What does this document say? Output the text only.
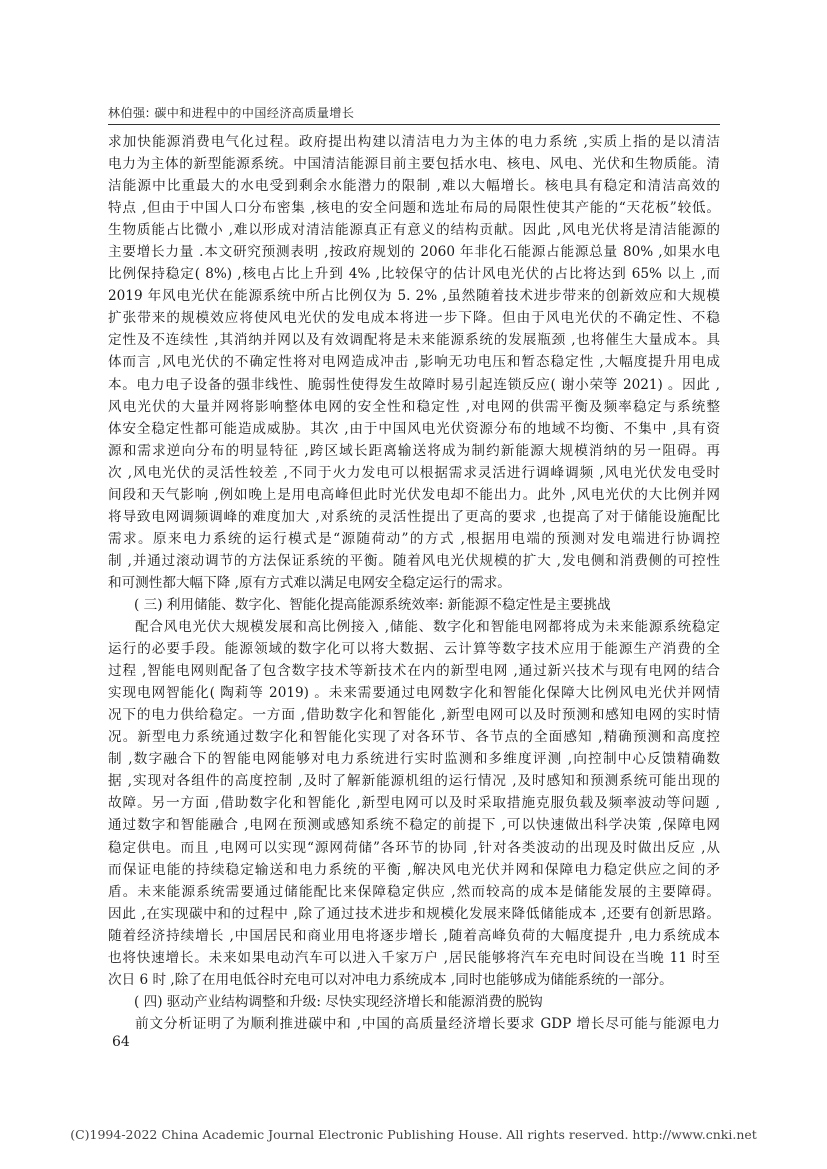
林伯强: 碳中和进程中的中国经济高质量增长
求加快能源消费电气化过程。政府提出构建以清洁电力为主体的电力系统 ,实质上指的是以清洁
电力为主体的新型能源系统。中国清洁能源目前主要包括水电、核电、风电、光伏和生物质能。清
洁能源中比重最大的水电受到剩余水能潜力的限制 ,难以大幅增长。核电具有稳定和清洁高效的
特点 ,但由于中国人口分布密集 ,核电的安全问题和选址布局的局限性使其产能的“天花板”较低。
生物质能占比微小 ,难以形成对清洁能源真正有意义的结构贡献。因此 ,风电光伏将是清洁能源的
主要增长力量 .本文研究预测表明 ,按政府规划的 2060 年非化石能源占能源总量 80% ,如果水电
比例保持稳定( 8%) ,核电占比上升到 4% ,比较保守的估计风电光伏的占比将达到 65% 以上 ,而
2019 年风电光伏在能源系统中所占比例仅为 5. 2% ,虽然随着技术进步带来的创新效应和大规模
扩张带来的规模效应将使风电光伏的发电成本将进一步下降。但由于风电光伏的不确定性、不稳
定性及不连续性 ,其消纳并网以及有效调配将是未来能源系统的发展瓶颈 ,也将催生大量成本。具
体而言 ,风电光伏的不确定性将对电网造成冲击 ,影响无功电压和暂态稳定性 ,大幅度提升用电成
本。电力电子设备的强非线性、脆弱性使得发生故障时易引起连锁反应( 谢小荣等 2021) 。因此 ,
风电光伏的大量并网将影响整体电网的安全性和稳定性 ,对电网的供需平衡及频率稳定与系统整
体安全稳定性都可能造成威胁。其次 ,由于中国风电光伏资源分布的地域不均衡、不集中 ,具有资
源和需求逆向分布的明显特征 ,跨区域长距离输送将成为制约新能源大规模消纳的另一阻碍。再
次 ,风电光伏的灵活性较差 ,不同于火力发电可以根据需求灵活进行调峰调频 ,风电光伏发电受时
间段和天气影响 ,例如晚上是用电高峰但此时光伏发电却不能出力。此外 ,风电光伏的大比例并网
将导致电网调频调峰的难度加大 ,对系统的灵活性提出了更高的要求 ,也提高了对于储能设施配比
需求。原来电力系统的运行模式是“源随荷动”的方式 ,根据用电端的预测对发电端进行协调控
制 ,并通过滚动调节的方法保证系统的平衡。随着风电光伏规模的扩大 ,发电侧和消费侧的可控性
和可测性都大幅下降 ,原有方式难以满足电网安全稳定运行的需求。
( 三) 利用储能、数字化、智能化提高能源系统效率: 新能源不稳定性是主要挑战
配合风电光伏大规模发展和高比例接入 ,储能、数字化和智能电网都将成为未来能源系统稳定
运行的必要手段。能源领域的数字化可以将大数据、云计算等数字技术应用于能源生产消费的全
过程 ,智能电网则配备了包含数字技术等新技术在内的新型电网 ,通过新兴技术与现有电网的结合
实现电网智能化( 陶莉等 2019) 。未来需要通过电网数字化和智能化保障大比例风电光伏并网情
况下的电力供给稳定。一方面 ,借助数字化和智能化 ,新型电网可以及时预测和感知电网的实时情
况。新型电力系统通过数字化和智能化实现了对各环节、各节点的全面感知 ,精确预测和高度控
制 ,数字融合下的智能电网能够对电力系统进行实时监测和多维度评测 ,向控制中心反馈精确数
据 ,实现对各组件的高度控制 ,及时了解新能源机组的运行情况 ,及时感知和预测系统可能出现的
故障。另一方面 ,借助数字化和智能化 ,新型电网可以及时采取措施克服负载及频率波动等问题 ,
通过数字和智能融合 ,电网在预测或感知系统不稳定的前提下 ,可以快速做出科学决策 ,保障电网
稳定供电。而且 ,电网可以实现“源网荷储”各环节的协同 ,针对各类波动的出现及时做出反应 ,从
而保证电能的持续稳定输送和电力系统的平衡 ,解决风电光伏并网和保障电力稳定供应之间的矛
盾。未来能源系统需要通过储能配比来保障稳定供应 ,然而较高的成本是储能发展的主要障碍。
因此 ,在实现碳中和的过程中 ,除了通过技术进步和规模化发展来降低储能成本 ,还要有创新思路。
随着经济持续增长 ,中国居民和商业用电将逐步增长 ,随着高峰负荷的大幅度提升 ,电力系统成本
也将快速增长。未来如果电动汽车可以进入千家万户 ,居民能够将汽车充电时间设在当晚 11 时至
次日 6 时 ,除了在用电低谷时充电可以对冲电力系统成本 ,同时也能够成为储能系统的一部分。
( 四) 驱动产业结构调整和升级: 尽快实现经济增长和能源消费的脱钩
前文分析证明了为顺利推进碳中和 ,中国的高质量经济增长要求 GDP 增长尽可能与能源电力
64
(C)1994-2022 China Academic Journal Electronic Publishing House. All rights reserved. http://www.cnki.net
